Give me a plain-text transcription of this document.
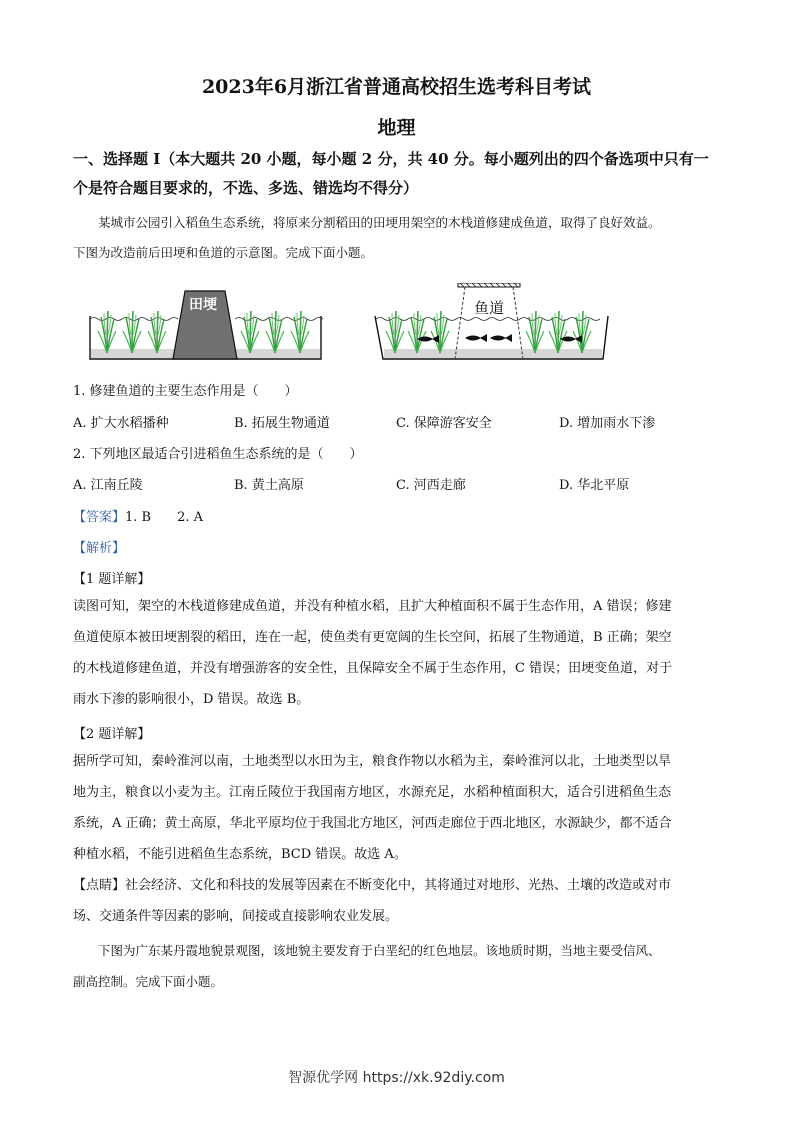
2023年6月浙江省普通高校招生选考科目考试
地理
一、选择题 I（本大题共 20 小题，每小题 2 分，共 40 分。每小题列出的四个备选项中只有一
个是符合题目要求的，不选、多选、错选均不得分）
某城市公园引入稻鱼生态系统，将原来分割稻田的田埂用架空的木栈道修建成鱼道，取得了良好效益。
下图为改造前后田埂和鱼道的示意图。完成下面小题。
田埂	鱼道
1. 修建鱼道的主要生态作用是（　　）
A. 扩大水稻播种	B. 拓展生物通道	C. 保障游客安全	D. 增加雨水下渗
2. 下列地区最适合引进稻鱼生态系统的是（　　）
A. 江南丘陵	B. 黄土高原	C. 河西走廊	D. 华北平原
【答案】1. B　　2. A
【解析】
【1 题详解】
读图可知，架空的木栈道修建成鱼道，并没有种植水稻，且扩大种植面积不属于生态作用，A 错误；修建
鱼道使原本被田埂割裂的稻田，连在一起，使鱼类有更宽阔的生长空间，拓展了生物通道，B 正确；架空
的木栈道修建鱼道，并没有增强游客的安全性，且保障安全不属于生态作用，C 错误；田埂变鱼道，对于
雨水下渗的影响很小，D 错误。故选 B。
【2 题详解】
据所学可知，秦岭淮河以南，土地类型以水田为主，粮食作物以水稻为主，秦岭淮河以北，土地类型以旱
地为主，粮食以小麦为主。江南丘陵位于我国南方地区，水源充足，水稻种植面积大，适合引进稻鱼生态
系统，A 正确；黄土高原，华北平原均位于我国北方地区，河西走廊位于西北地区，水源缺少，都不适合
种植水稻，不能引进稻鱼生态系统，BCD 错误。故选 A。
【点睛】社会经济、文化和科技的发展等因素在不断变化中，其将通过对地形、光热、土壤的改造或对市
场、交通条件等因素的影响，间接或直接影响农业发展。
下图为广东某丹霞地貌景观图，该地貌主要发育于白垩纪的红色地层。该地质时期，当地主要受信风、
副高控制。完成下面小题。
智源优学网 https://xk.92diy.com
